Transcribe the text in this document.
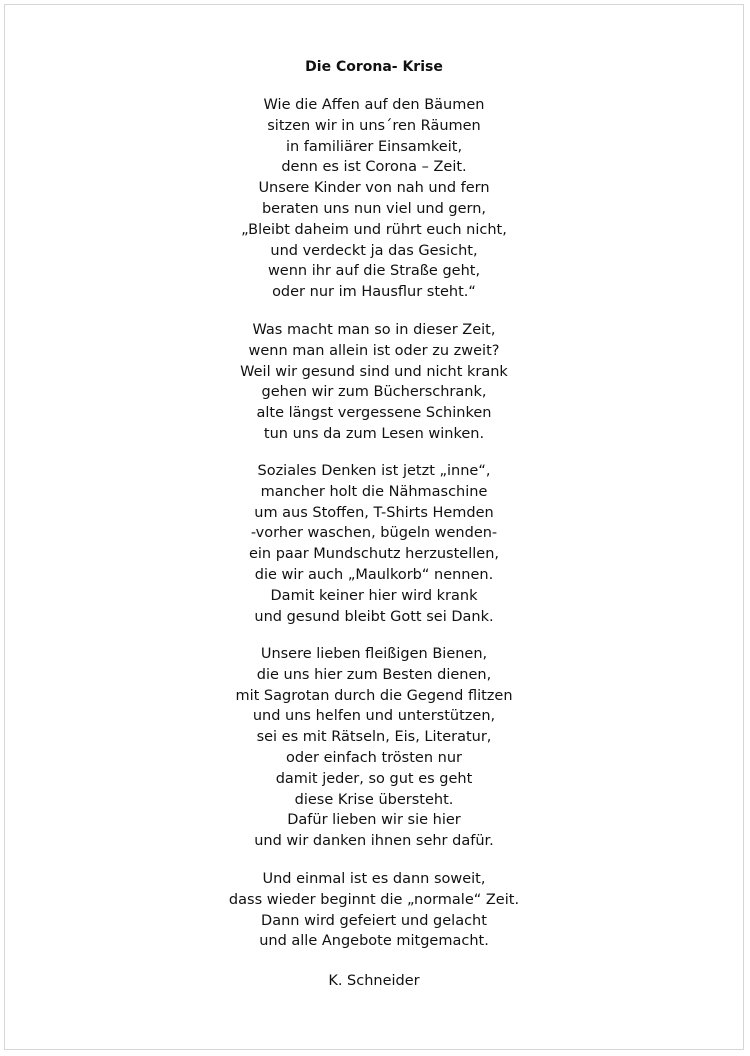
Die Corona- Krise
Wie die Affen auf den Bäumen
sitzen wir in uns´ren Räumen
in familiärer Einsamkeit,
denn es ist Corona – Zeit.
Unsere Kinder von nah und fern
beraten uns nun viel und gern,
„Bleibt daheim und rührt euch nicht,
und verdeckt ja das Gesicht,
wenn ihr auf die Straße geht,
oder nur im Hausflur steht.“
Was macht man so in dieser Zeit,
wenn man allein ist oder zu zweit?
Weil wir gesund sind und nicht krank
gehen wir zum Bücherschrank,
alte längst vergessene Schinken
tun uns da zum Lesen winken.
Soziales Denken ist jetzt „inne“,
mancher holt die Nähmaschine
um aus Stoffen, T-Shirts Hemden
-vorher waschen, bügeln wenden-
ein paar Mundschutz herzustellen,
die wir auch „Maulkorb“ nennen.
Damit keiner hier wird krank
und gesund bleibt Gott sei Dank.
Unsere lieben fleißigen Bienen,
die uns hier zum Besten dienen,
mit Sagrotan durch die Gegend flitzen
und uns helfen und unterstützen,
sei es mit Rätseln, Eis, Literatur,
oder einfach trösten nur
damit jeder, so gut es geht
diese Krise übersteht.
Dafür lieben wir sie hier
und wir danken ihnen sehr dafür.
Und einmal ist es dann soweit,
dass wieder beginnt die „normale“ Zeit.
Dann wird gefeiert und gelacht
und alle Angebote mitgemacht.
K. Schneider
